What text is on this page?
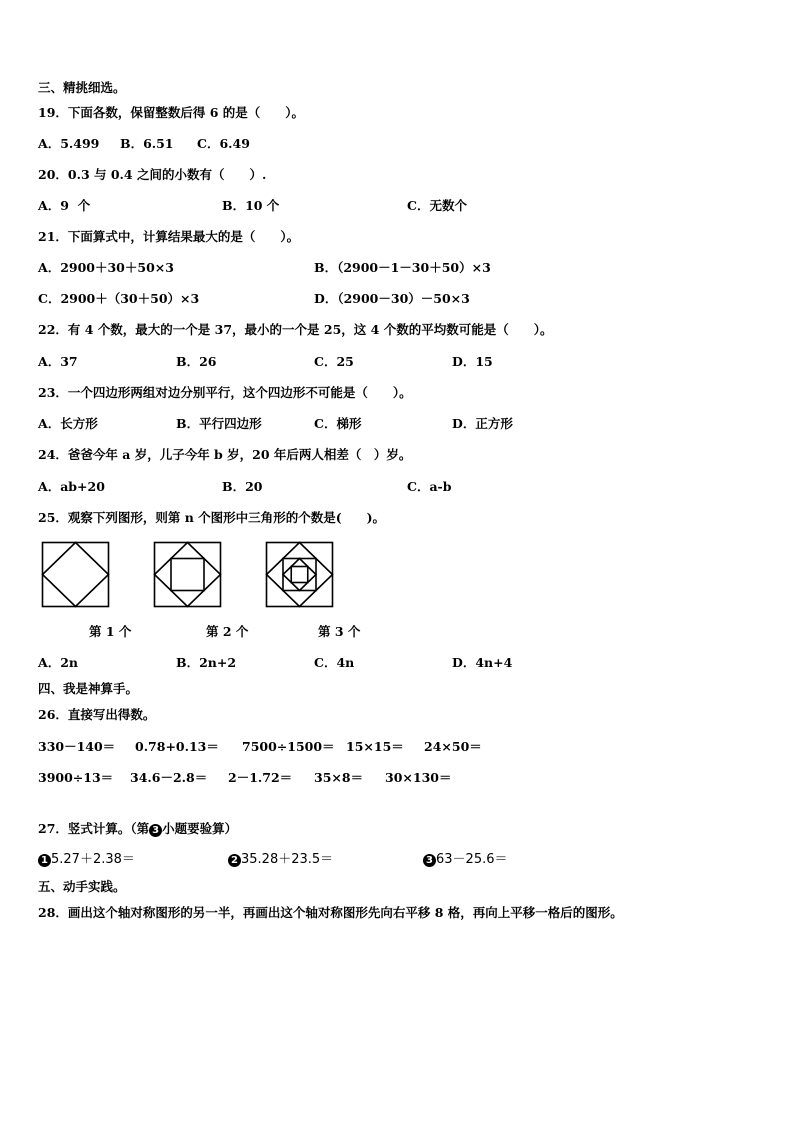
三、精挑细选。
19．下面各数，保留整数后得 6 的是（　　）。
A．5.499 B．6.51 C．6.49
20．0.3 与 0.4 之间的小数有（　　）.
A．9  个	B．10 个	C．无数个
21．下面算式中，计算结果最大的是（　　）。
A．2900＋30＋50×3	B．（2900－1－30＋50）×3
C．2900＋（30＋50）×3	D．（2900－30）－50×3
22．有 4 个数，最大的一个是 37，最小的一个是 25，这 4 个数的平均数可能是（　　）。
A．37	B．26	C．25	D．15
23．一个四边形两组对边分别平行，这个四边形不可能是（　　）。
A．长方形	B．平行四边形	C．梯形	D．正方形
24．爸爸今年 a 岁，儿子今年 b 岁，20 年后两人相差（　）岁。
A．ab+20	B．20	C．a-b
25．观察下列图形，则第 n 个图形中三角形的个数是(　　)。
第 1 个	第 2 个	第 3 个
A．2n	B．2n+2	C．4n	D．4n+4
四、我是神算手。
26．直接写出得数。
330－140＝ 0.78+0.13＝ 7500÷1500＝ 15×15＝ 24×50＝
3900÷13＝ 34.6－2.8＝ 2－1.72＝ 35×8＝ 30×130＝
27．竖式计算。（第 3 小题要验算）
1 5.27＋2.38＝	2 35.28＋23.5＝	3 63－25.6＝
五、动手实践。
28．画出这个轴对称图形的另一半，再画出这个轴对称图形先向右平移 8 格，再向上平移一格后的图形。
